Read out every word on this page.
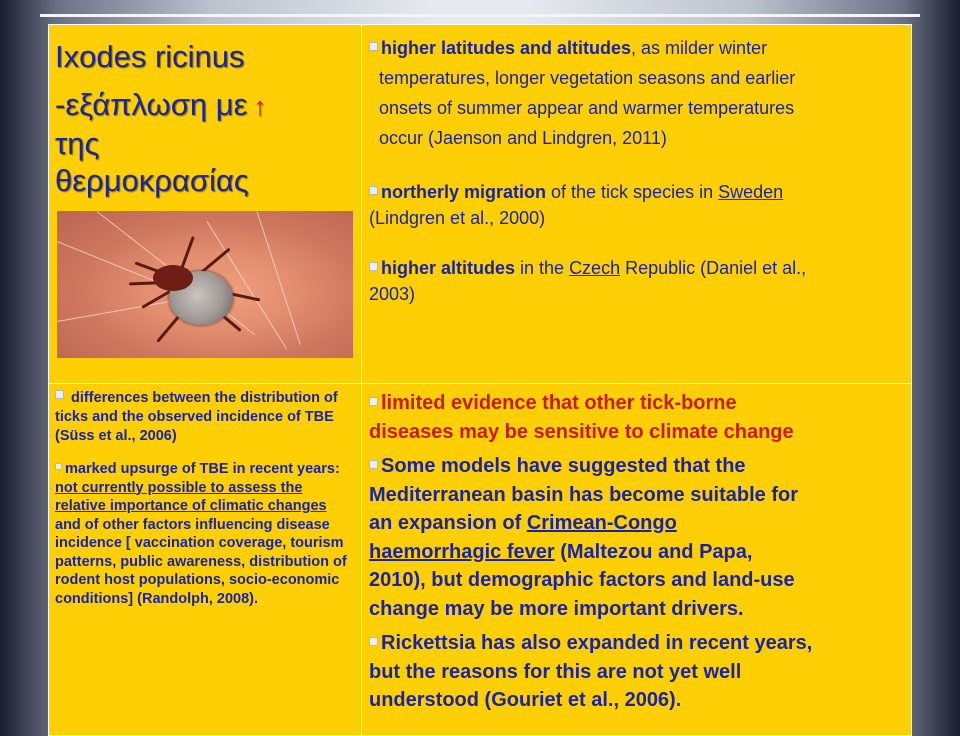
Ixodes ricinus
-εξάπλωση με ↑
της
θερμοκρασίας

higher latitudes and altitudes, as milder winter

temperatures, longer vegetation seasons and earlier

onsets of summer appear and warmer temperatures

occur (Jaenson and Lindgren, 2011)

northerly migration of the tick species in Sweden

(Lindgren et al., 2000)

higher altitudes in the Czech Republic (Daniel et al.,

2003)

differences between the distribution of ticks and the observed incidence of TBE (Süss et al., 2006)

marked upsurge of TBE in recent years: not currently possible to assess the relative importance of climatic changes and of other factors influencing disease incidence [ vaccination coverage, tourism patterns, public awareness, distribution of rodent host populations, socio-economic conditions] (Randolph, 2008).

limited evidence that other tick-borne

diseases may be sensitive to climate change

Some models have suggested that the

Mediterranean basin has become suitable for

an expansion of Crimean-Congo

haemorrhagic fever (Maltezou and Papa,

2010), but demographic factors and land-use

change may be more important drivers.

Rickettsia has also expanded in recent years,

but the reasons for this are not yet well

understood (Gouriet et al., 2006).
